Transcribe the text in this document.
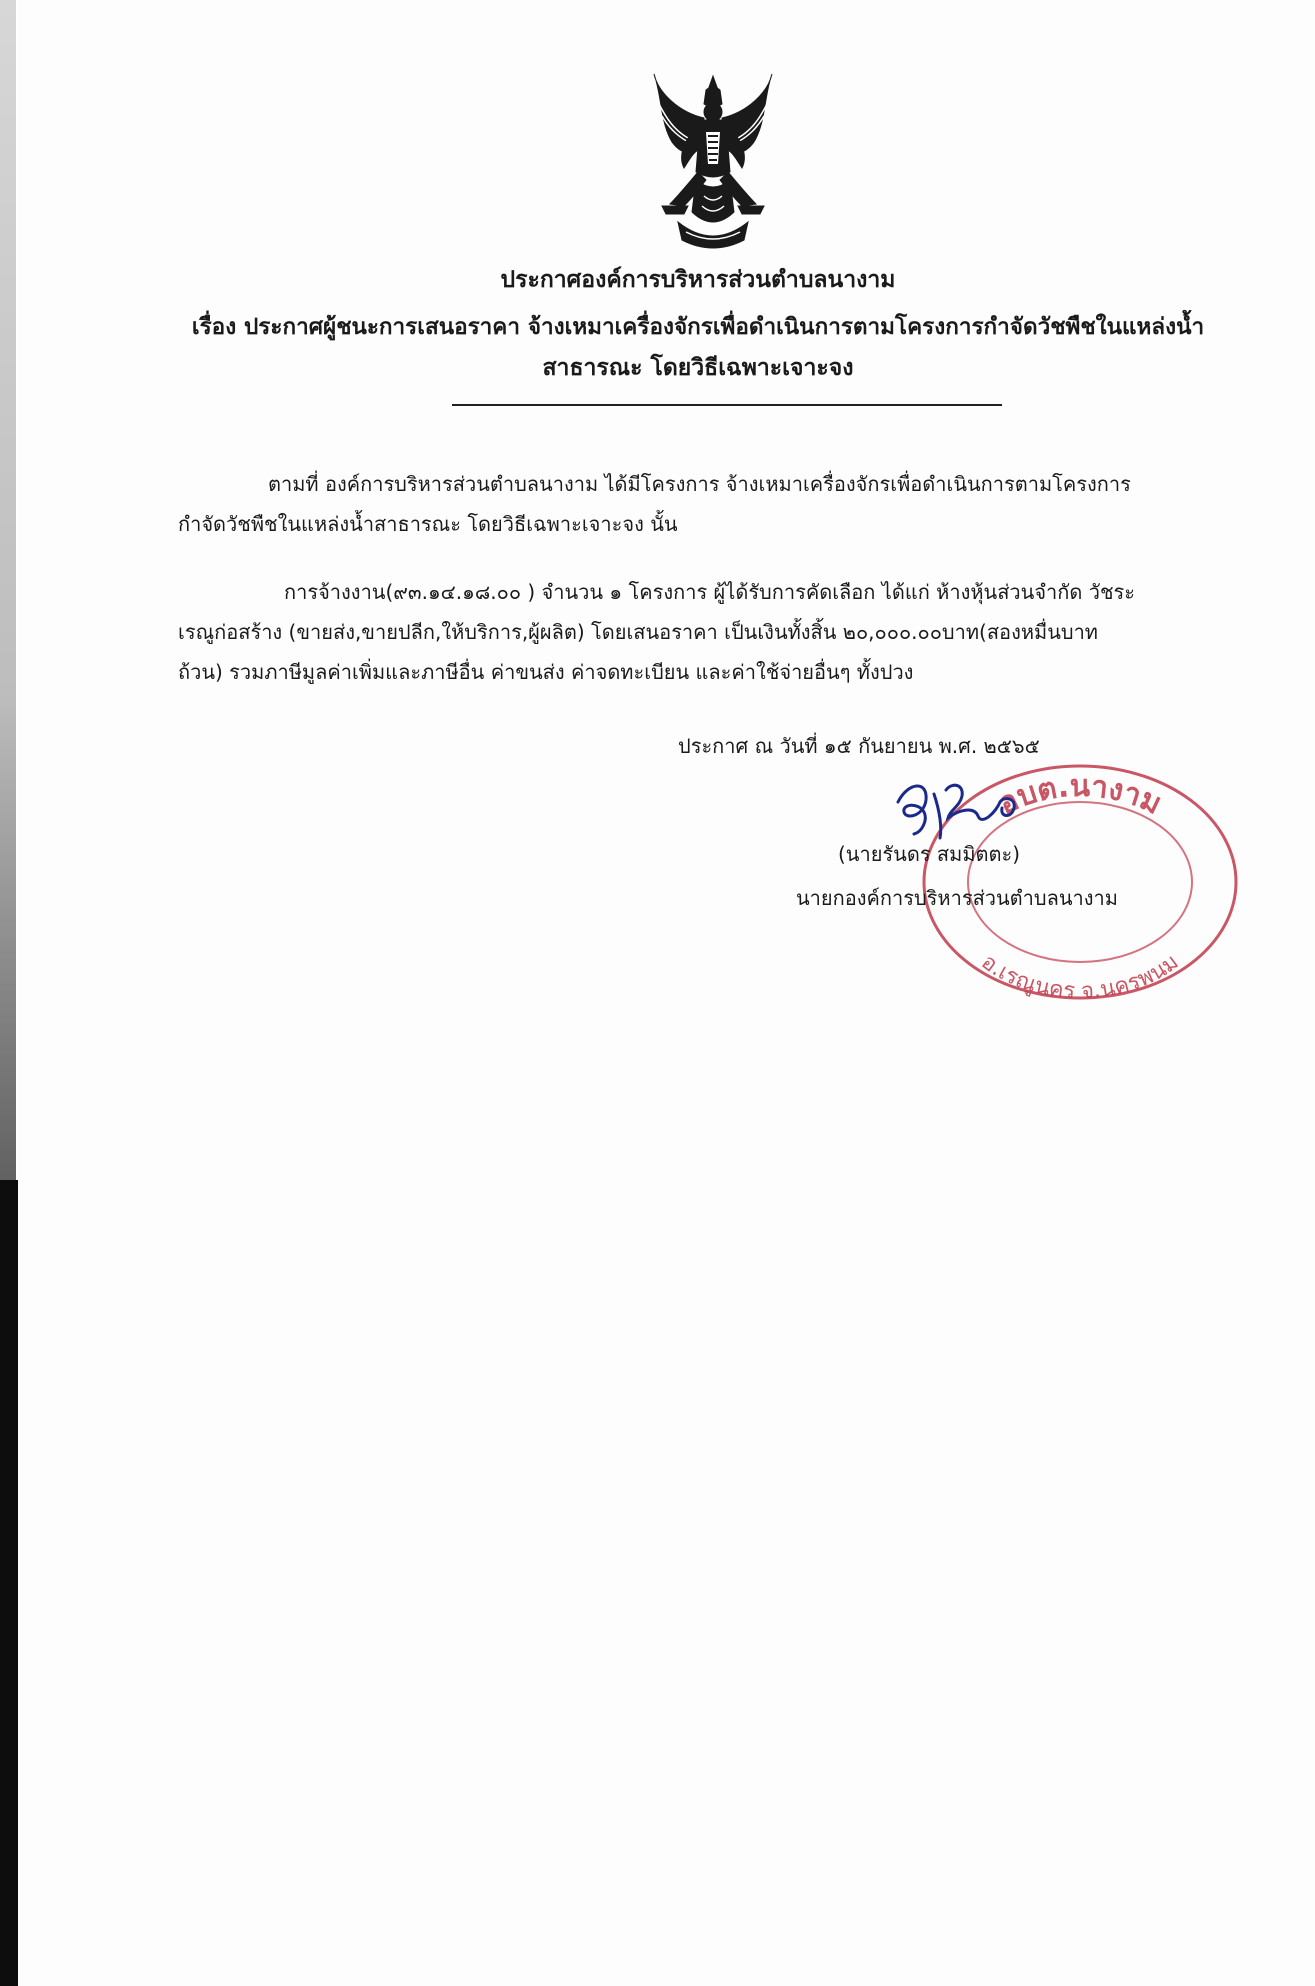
ประกาศองค์การบริหารส่วนตำบลนางาม
เรื่อง ประกาศผู้ชนะการเสนอราคา จ้างเหมาเครื่องจักรเพื่อดำเนินการตามโครงการกำจัดวัชพืชในแหล่งน้ำ
สาธารณะ โดยวิธีเฉพาะเจาะจง
ตามที่ องค์การบริหารส่วนตำบลนางาม ได้มีโครงการ จ้างเหมาเครื่องจักรเพื่อดำเนินการตามโครงการ
กำจัดวัชพืชในแหล่งน้ำสาธารณะ โดยวิธีเฉพาะเจาะจง นั้น
การจ้างงาน(๙๓.๑๔.๑๘.๐๐ ) จำนวน ๑ โครงการ ผู้ได้รับการคัดเลือก ได้แก่ ห้างหุ้นส่วนจำกัด วัชระ
เรณูก่อสร้าง (ขายส่ง,ขายปลีก,ให้บริการ,ผู้ผลิต) โดยเสนอราคา เป็นเงินทั้งสิ้น ๒๐,๐๐๐.๐๐บาท(สองหมื่นบาท
ถ้วน) รวมภาษีมูลค่าเพิ่มและภาษีอื่น ค่าขนส่ง ค่าจดทะเบียน และค่าใช้จ่ายอื่นๆ ทั้งปวง
ประกาศ ณ วันที่ ๑๕ กันยายน พ.ศ. ๒๕๖๕
อบต.นางาม
อ.เรณูนคร จ.นครพนม
(นายรันดร สมมิตตะ)
นายกองค์การบริหารส่วนตำบลนางาม
